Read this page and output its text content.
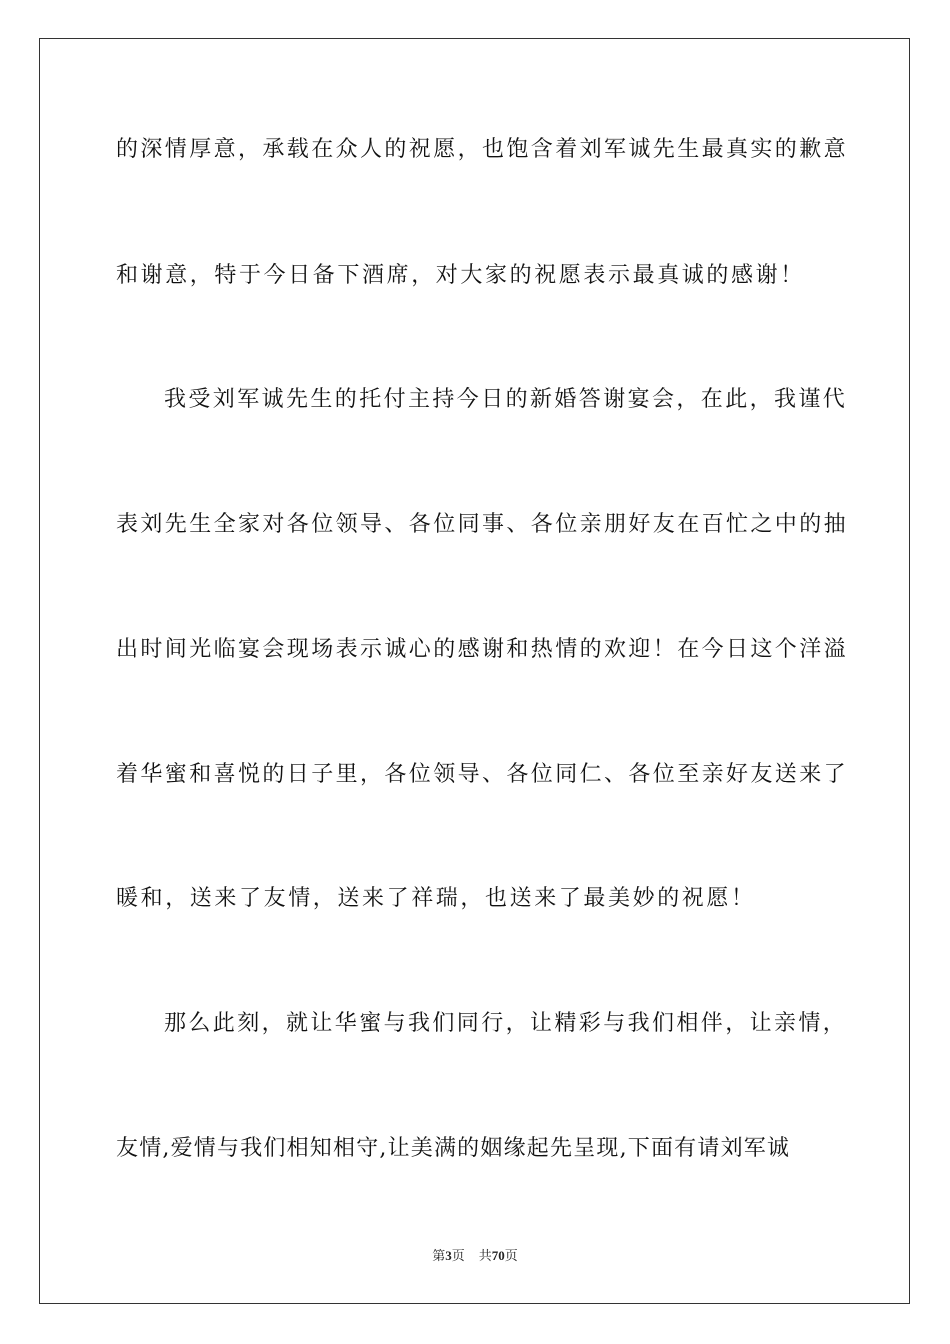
的深情厚意，承载在众人的祝愿，也饱含着刘军诚先生最真实的歉意
和谢意，特于今日备下酒席，对大家的祝愿表示最真诚的感谢！
我受刘军诚先生的托付主持今日的新婚答谢宴会，在此，我谨代
表刘先生全家对各位领导、各位同事、各位亲朋好友在百忙之中的抽
出时间光临宴会现场表示诚心的感谢和热情的欢迎！在今日这个洋溢
着华蜜和喜悦的日子里，各位领导、各位同仁、各位至亲好友送来了
暖和，送来了友情，送来了祥瑞，也送来了最美妙的祝愿！
那么此刻，就让华蜜与我们同行，让精彩与我们相伴，让亲情，
友情,爱情与我们相知相守,让美满的姻缘起先呈现,下面有请刘军诚
第3页 共70页
